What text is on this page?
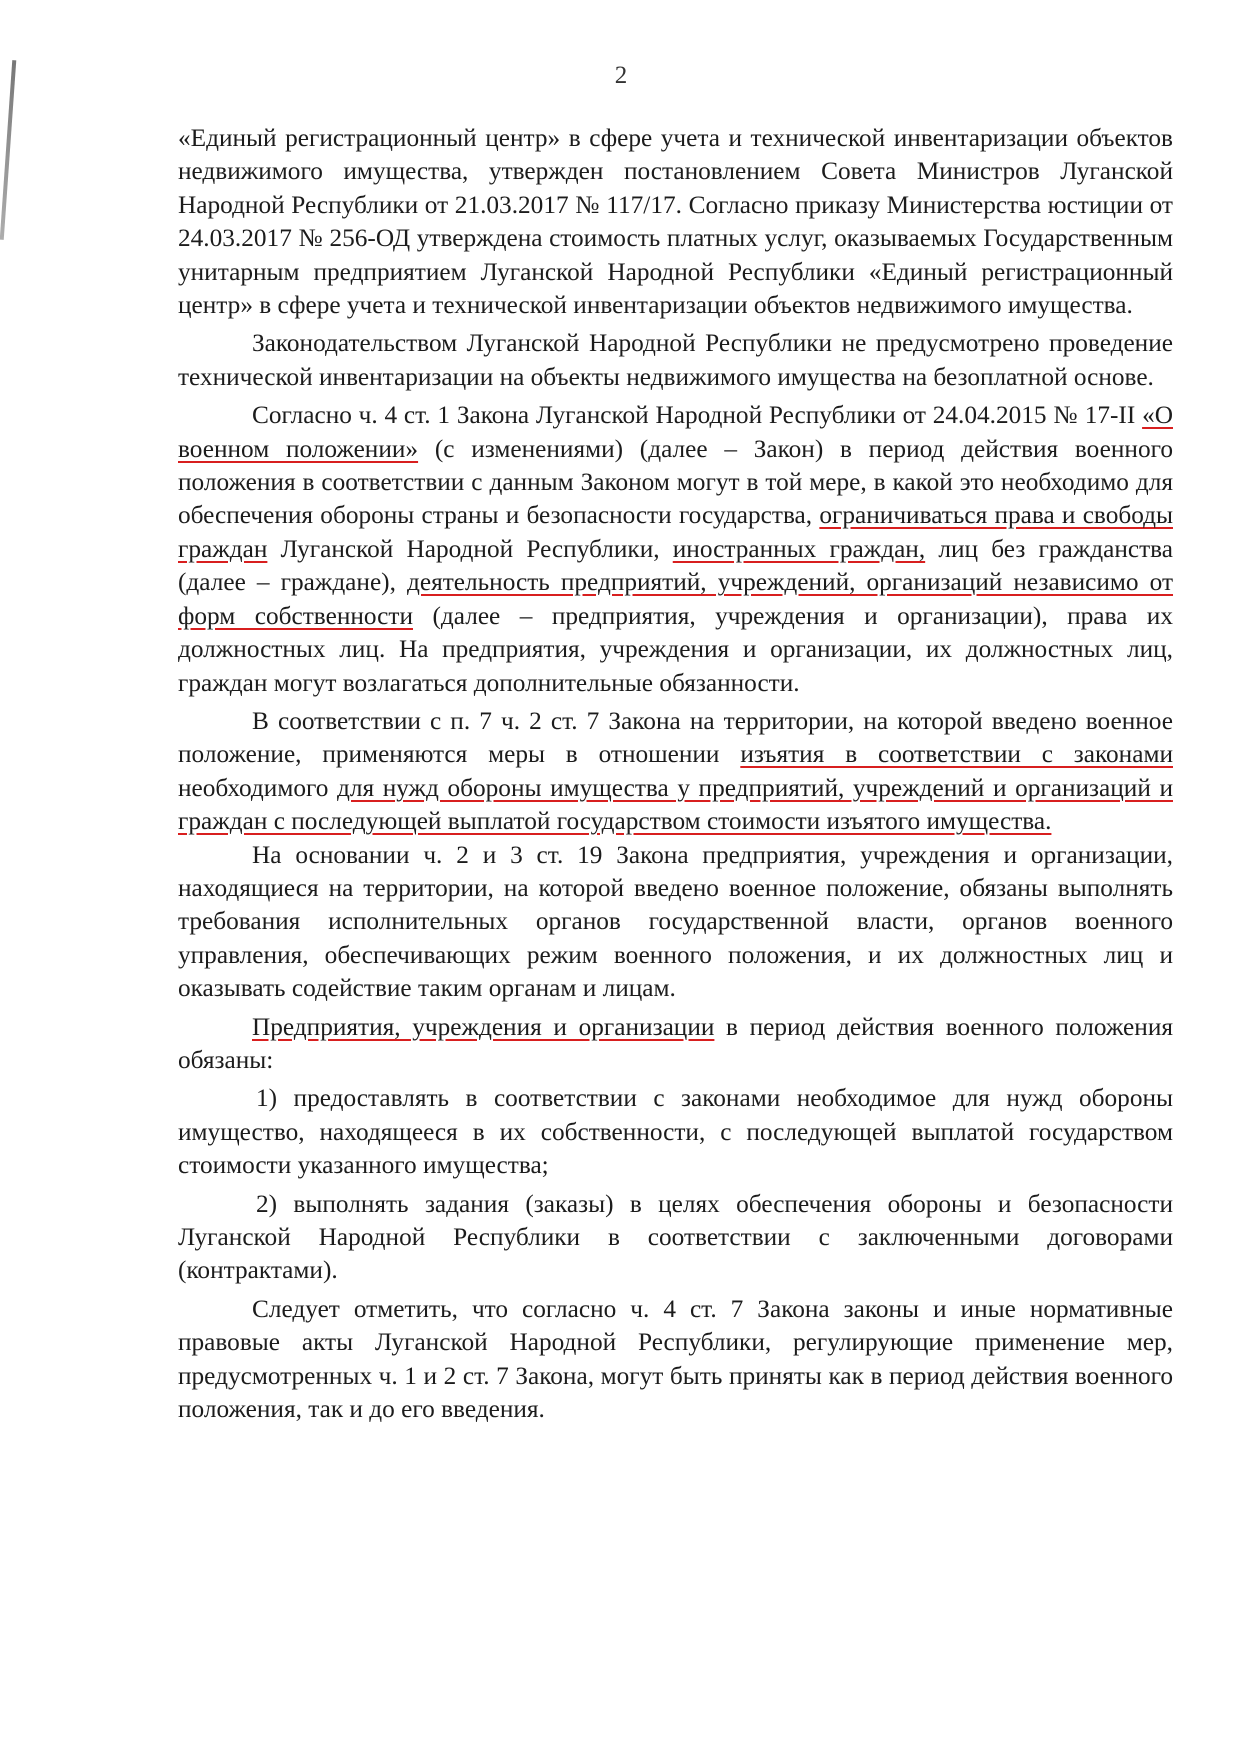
2

«Единый регистрационный центр» в сфере учета и технической инвентаризации объектов недвижимого имущества, утвержден постановлением Совета Министров Луганской Народной Республики от 21.03.2017 № 117/17. Согласно приказу Министерства юстиции от 24.03.2017 № 256-ОД утверждена стоимость платных услуг, оказываемых Государственным унитарным предприятием Луганской Народной Республики «Единый регистрационный центр» в сфере учета и технической инвентаризации объектов недвижимого имущества.

Законодательством Луганской Народной Республики не предусмотрено проведение технической инвентаризации на объекты недвижимого имущества на безоплатной основе.

Согласно ч. 4 ст. 1 Закона Луганской Народной Республики от 24.04.2015 № 17-II «О военном положении» (с изменениями) (далее – Закон) в период действия военного положения в соответствии с данным Законом могут в той мере, в какой это необходимо для обеспечения обороны страны и безопасности государства, ограничиваться права и свободы граждан Луганской Народной Республики, иностранных граждан, лиц без гражданства (далее – граждане), деятельность предприятий, учреждений, организаций независимо от форм собственности (далее – предприятия, учреждения и организации), права их должностных лиц. На предприятия, учреждения и организации, их должностных лиц, граждан могут возлагаться дополнительные обязанности.

В соответствии с п. 7 ч. 2 ст. 7 Закона на территории, на которой введено военное положение, применяются меры в отношении изъятия в соответствии с законами необходимого для нужд обороны имущества у предприятий, учреждений и организаций и граждан с последующей выплатой государством стоимости изъятого имущества.

На основании ч. 2 и 3 ст. 19 Закона предприятия, учреждения и организации, находящиеся на территории, на которой введено военное положение, обязаны выполнять требования исполнительных органов государственной власти, органов военного управления, обеспечивающих режим военного положения, и их должностных лиц и оказывать содействие таким органам и лицам.

Предприятия, учреждения и организации в период действия военного положения обязаны:

1) предоставлять в соответствии с законами необходимое для нужд обороны имущество, находящееся в их собственности, с последующей выплатой государством стоимости указанного имущества;

2) выполнять задания (заказы) в целях обеспечения обороны и безопасности Луганской Народной Республики в соответствии с заключенными договорами (контрактами).

Следует отметить, что согласно ч. 4 ст. 7 Закона законы и иные нормативные правовые акты Луганской Народной Республики, регулирующие применение мер, предусмотренных ч. 1 и 2 ст. 7 Закона, могут быть приняты как в период действия военного положения, так и до его введения.
